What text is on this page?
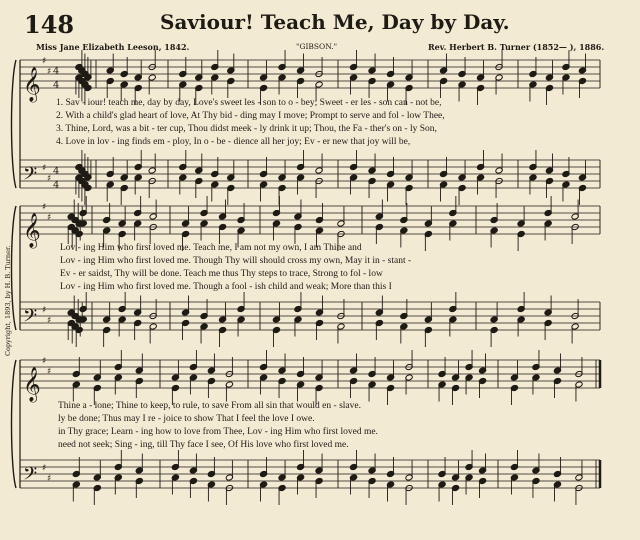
148	Saviour! Teach Me, Day by Day.
Miss Jane Elizabeth Leeson, 1842.	"GIBSON."	Rev. Herbert B. Turner (1852— ), 1886.
Copyright, 1893, by H. B. Turner.
𝄞
𝄢
♯
♯
♯
♯
4
4
4
4
𝄞
𝄢
♯
♯
♯
♯
𝄞
𝄢
♯
♯
♯
♯
1. Sav - iour! teach me, day by day, Love's sweet les - son to o - bey; Sweet - er les - son can - not be,
2. With a child's glad heart of love, At Thy bid - ding may I move; Prompt to serve and fol - low Thee,
3. Thine, Lord, was a bit - ter cup, Thou didst meek - ly drink it up; Thou, the Fa - ther's on - ly Son,
4. Love in lov - ing finds em - ploy, In o - be - dience all her joy; Ev - er new that joy will be,
Lov - ing Him who first loved me. Teach me, I am not my own, I am Thine and
Lov - ing Him who first loved me. Though Thy will should cross my own, May it in - stant -
Ev - er saidst, Thy will be done. Teach me thus Thy steps to trace, Strong to fol - low
Lov - ing Him who first loved me. Though a fool - ish child and weak; More than this I
Thine a - lone; Thine to keep, to rule, to save From all sin that would en - slave.
ly be done; Thus may I re - joice to show That I feel the love I owe.
in Thy grace; Learn - ing how to love from Thee, Lov - ing Him who first loved me.
need not seek; Sing - ing, till Thy face I see, Of His love who first loved me.
